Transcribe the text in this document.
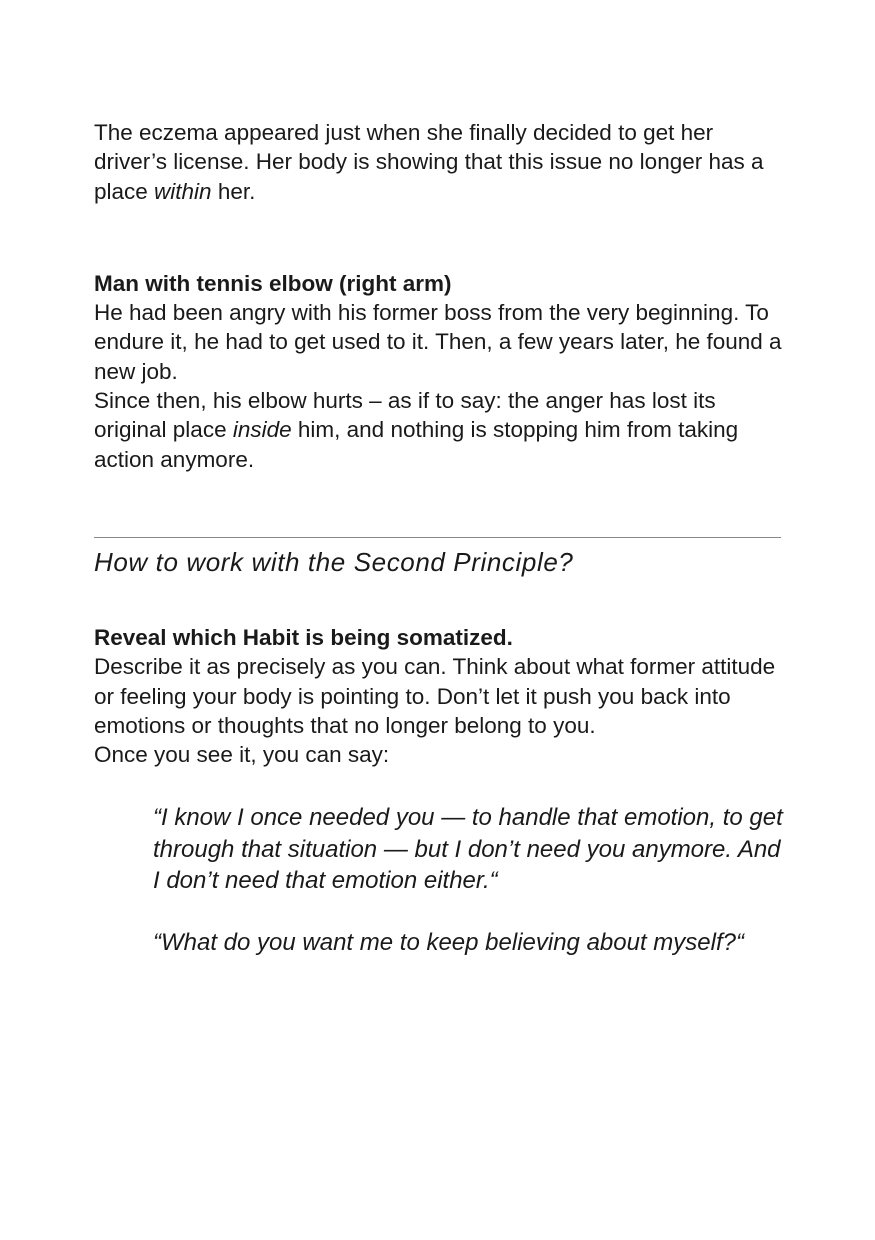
The eczema appeared just when she finally decided to get her driver’s license. Her body is showing that this issue no longer has a place within her.

Man with tennis elbow (right arm)

He had been angry with his former boss from the very beginning. To endure it, he had to get used to it. Then, a few years later, he found a new job.

Since then, his elbow hurts – as if to say: the anger has lost its original place inside him, and nothing is stopping him from taking action anymore.

How to work with the Second Principle?

Reveal which Habit is being somatized.

Describe it as precisely as you can. Think about what former attitude or feeling your body is pointing to. Don’t let it push you back into emotions or thoughts that no longer belong to you.

Once you see it, you can say:

“I know I once needed you — to handle that emotion, to get through that situation — but I don’t need you anymore. And I don’t need that emotion either.“

“What do you want me to keep believing about myself?“
